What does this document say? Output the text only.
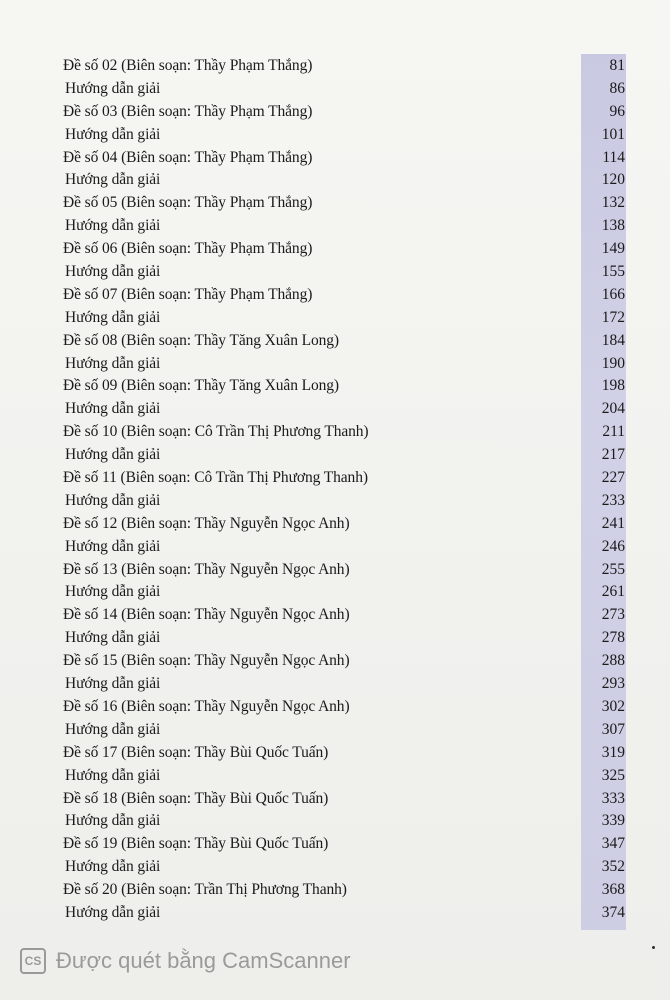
Đề số 02 (Biên soạn: Thầy Phạm Thắng)	81
Hướng dẫn giải	86
Đề số 03 (Biên soạn: Thầy Phạm Thắng)	96
Hướng dẫn giải	101
Đề số 04 (Biên soạn: Thầy Phạm Thắng)	114
Hướng dẫn giải	120
Đề số 05 (Biên soạn: Thầy Phạm Thắng)	132
Hướng dẫn giải	138
Đề số 06 (Biên soạn: Thầy Phạm Thắng)	149
Hướng dẫn giải	155
Đề số 07 (Biên soạn: Thầy Phạm Thắng)	166
Hướng dẫn giải	172
Đề số 08 (Biên soạn: Thầy Tăng Xuân Long)	184
Hướng dẫn giải	190
Đề số 09 (Biên soạn: Thầy Tăng Xuân Long)	198
Hướng dẫn giải	204
Đề số 10 (Biên soạn: Cô Trần Thị Phương Thanh)	211
Hướng dẫn giải	217
Đề số 11 (Biên soạn: Cô Trần Thị Phương Thanh)	227
Hướng dẫn giải	233
Đề số 12 (Biên soạn: Thầy Nguyễn Ngọc Anh)	241
Hướng dẫn giải	246
Đề số 13 (Biên soạn: Thầy Nguyễn Ngọc Anh)	255
Hướng dẫn giải	261
Đề số 14 (Biên soạn: Thầy Nguyễn Ngọc Anh)	273
Hướng dẫn giải	278
Đề số 15 (Biên soạn: Thầy Nguyễn Ngọc Anh)	288
Hướng dẫn giải	293
Đề số 16 (Biên soạn: Thầy Nguyễn Ngọc Anh)	302
Hướng dẫn giải	307
Đề số 17 (Biên soạn: Thầy Bùi Quốc Tuấn)	319
Hướng dẫn giải	325
Đề số 18 (Biên soạn: Thầy Bùi Quốc Tuấn)	333
Hướng dẫn giải	339
Đề số 19 (Biên soạn: Thầy Bùi Quốc Tuấn)	347
Hướng dẫn giải	352
Đề số 20 (Biên soạn: Trần Thị Phương Thanh)	368
Hướng dẫn giải	374
CS Được quét bằng CamScanner
